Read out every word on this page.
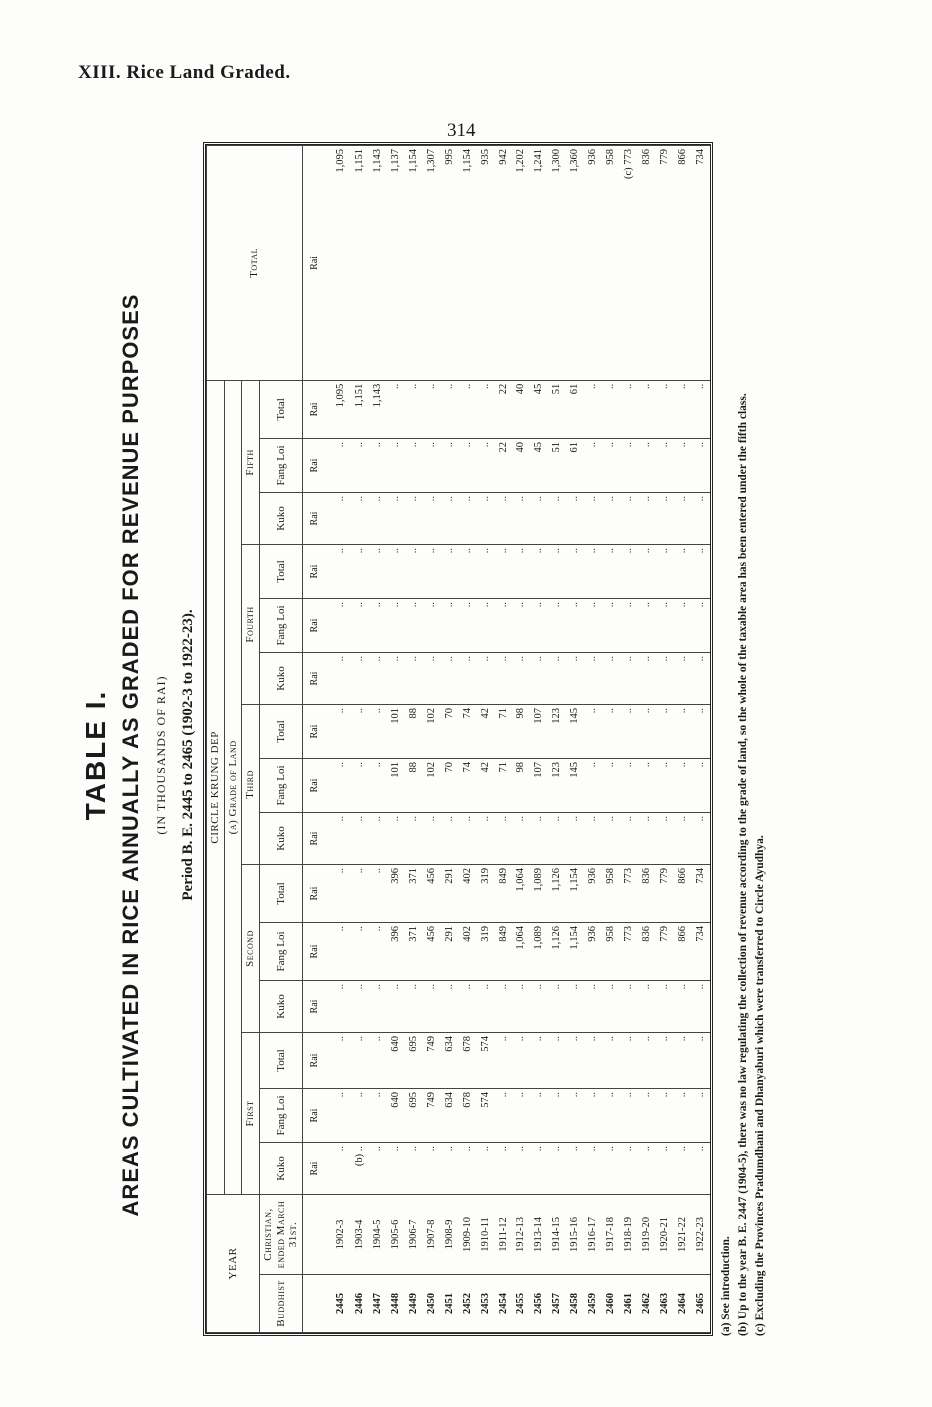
XIII. Rice Land Graded.
314
TABLE I. AREAS CULTIVATED IN RICE ANNUALLY AS GRADED FOR REVENUE PURPOSES (IN THOUSANDS OF RAI) Period B. E. 2445 to 2465 (1902-3 to 1922-23).
YEAR		CIRCLE KRUNG DEP															Total
		(a) Grade of Land															
		First			Second			Third			Fourth			Fifth			
Buddhist	Christian, ended March 31st.	Kuko	Fang Loi	Total	Kuko	Fang Loi	Total	Kuko	Fang Loi	Total	Kuko	Fang Loi	Total	Kuko	Fang Loi	Total	
		Rai	Rai	Rai	Rai	Rai	Rai	Rai	Rai	Rai	Rai	Rai	Rai	Rai	Rai	Rai	Rai
2445	1902-3	..	..	..	..	..	..	..	..	..	..	..	..	..	..	1,095	1,095
2446	1903-4	(b) ..	..	..	..	..	..	..	..	..	..	..	..	..	..	1,151	1,151
2447	1904-5	..	..	..	..	..	..	..	..	..	..	..	..	..	..	1,143	1,143
2448	1905-6	..	640	640	..	396	396	..	101	101	..	..	..	..	..	..	1,137
2449	1906-7	..	695	695	..	371	371	..	88	88	..	..	..	..	..	..	1,154
2450	1907-8	..	749	749	..	456	456	..	102	102	..	..	..	..	..	..	1,307
2451	1908-9	..	634	634	..	291	291	..	70	70	..	..	..	..	..	..	995
2452	1909-10	..	678	678	..	402	402	..	74	74	..	..	..	..	..	..	1,154
2453	1910-11	..	574	574	..	319	319	..	42	42	..	..	..	..	..	..	935
2454	1911-12	..	..	..	..	849	849	..	71	71	..	..	..	..	22	22	942
2455	1912-13	..	..	..	..	1,064	1,064	..	98	98	..	..	..	..	40	40	1,202
2456	1913-14	..	..	..	..	1,089	1,089	..	107	107	..	..	..	..	45	45	1,241
2457	1914-15	..	..	..	..	1,126	1,126	..	123	123	..	..	..	..	51	51	1,300
2458	1915-16	..	..	..	..	1,154	1,154	..	145	145	..	..	..	..	61	61	1,360
2459	1916-17	..	..	..	..	936	936	..	..	..	..	..	..	..	..	..	936
2460	1917-18	..	..	..	..	958	958	..	..	..	..	..	..	..	..	..	958
2461	1918-19	..	..	..	..	773	773	..	..	..	..	..	..	..	..	..	(c) 773
2462	1919-20	..	..	..	..	836	836	..	..	..	..	..	..	..	..	..	836
2463	1920-21	..	..	..	..	779	779	..	..	..	..	..	..	..	..	..	779
2464	1921-22	..	..	..	..	866	866	..	..	..	..	..	..	..	..	..	866
2465	1922-23	..	..	..	..	734	734	..	..	..	..	..	..	..	..	..	734
(a) See introduction. (b) Up to the year B. E. 2447 (1904-5), there was no law regulating the collection of revenue according to the grade of land, so the whole of the taxable area has been entered under the fifth class. (c) Excluding the Provinces Pradumdhani and Dhanyaburi which were transferred to Circle Ayudhya.
